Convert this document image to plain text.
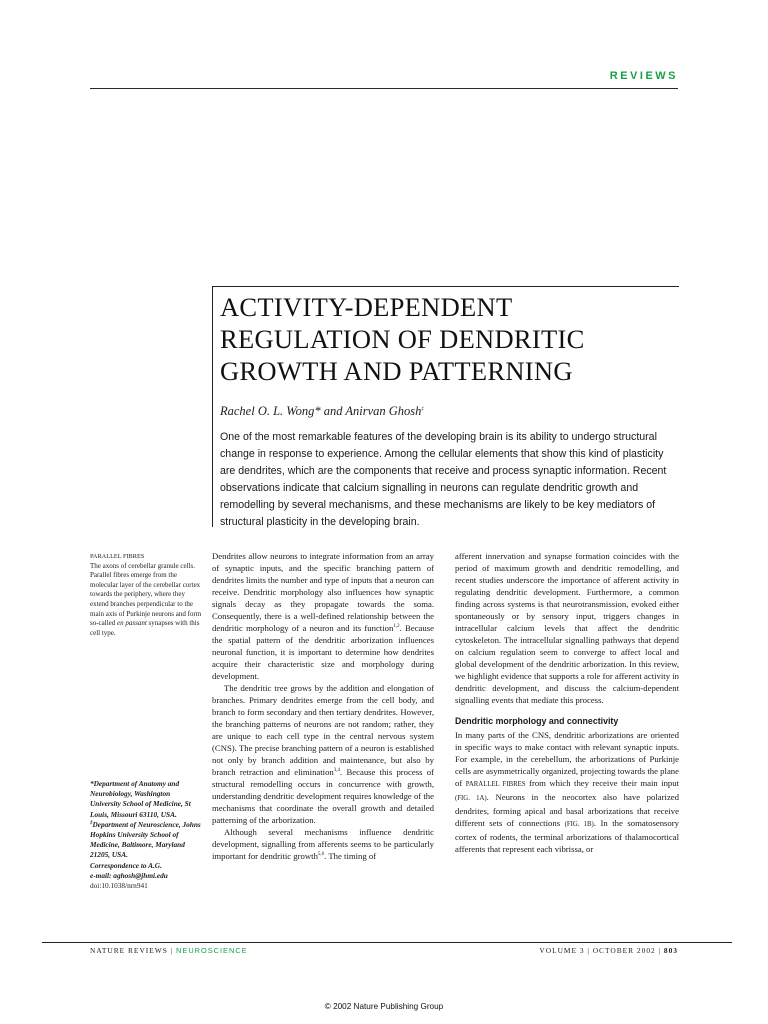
REVIEWS
ACTIVITY-DEPENDENT
REGULATION OF DENDRITIC
GROWTH AND PATTERNING
Rachel O. L. Wong* and Anirvan Ghosh‡
One of the most remarkable features of the developing brain is its ability to undergo structural change in response to experience. Among the cellular elements that show this kind of plasticity are dendrites, which are the components that receive and process synaptic information. Recent observations indicate that calcium signalling in neurons can regulate dendritic growth and remodelling by several mechanisms, and these mechanisms are likely to be key mediators of structural plasticity in the developing brain.
PARALLEL FIBRES
The axons of cerebellar granule cells. Parallel fibres emerge from the molecular layer of the cerebellar cortex towards the periphery, where they extend branches perpendicular to the main axis of Purkinje neurons and form so-called en passant synapses with this cell type.
*Department of Anatomy and Neurobiology, Washington University School of Medicine, St Louis, Missouri 63110, USA.
‡Department of Neuroscience, Johns Hopkins University School of Medicine, Baltimore, Maryland 21205, USA.
Correspondence to A.G.
e-mail: aghosh@jhmi.edu
doi:10.1038/nrn941

Dendrites allow neurons to integrate information from an array of synaptic inputs, and the specific branching pattern of dendrites limits the number and type of inputs that a neuron can receive. Dendritic morphology also influences how synaptic signals decay as they propagate towards the soma. Consequently, there is a well-defined relationship between the dendritic morphology of a neuron and its function$^{1,2}$. Because the spatial pattern of the dendritic arborization influences neuronal function, it is important to determine how dendrites acquire their characteristic size and morphology during development.

The dendritic tree grows by the addition and elongation of branches. Primary dendrites emerge from the cell body, and branch to form secondary and then tertiary dendrites. However, the branching patterns of neurons are not random; rather, they are unique to each cell type in the central nervous system (CNS). The precise branching pattern of a neuron is established not only by branch addition and maintenance, but also by branch retraction and elimination$^{3,4}$. Because this process of structural remodelling occurs in concurrence with growth, understanding dendritic development requires knowledge of the mechanisms that coordinate the overall growth and detailed patterning of the arborization.

Although several mechanisms influence dendritic development, signalling from afferents seems to be particularly important for dendritic growth$^{5,6}$. The timing of

afferent innervation and synapse formation coincides with the period of maximum growth and dendritic remodelling, and recent studies underscore the importance of afferent activity in regulating dendritic development. Furthermore, a common finding across systems is that neurotransmission, evoked either spontaneously or by sensory input, triggers changes in intracellular calcium levels that affect the dendritic cytoskeleton. The intracellular signalling pathways that depend on calcium regulation seem to converge to affect local and global development of the dendritic arborization. In this review, we highlight evidence that supports a role for afferent activity in dendritic development, and discuss the calcium-dependent signalling events that mediate this process.

Dendritic morphology and connectivity

In many parts of the CNS, dendritic arborizations are oriented in specific ways to make contact with relevant synaptic inputs. For example, in the cerebellum, the arborizations of Purkinje cells are asymmetrically organized, projecting towards the plane of PARALLEL FIBRES from which they receive their main input (FIG. 1A). Neurons in the neocortex also have polarized dendrites, forming apical and basal arborizations that receive different sets of connections (FIG. 1B). In the somatosensory cortex of rodents, the terminal arborizations of thalamocortical afferents that represent each vibrissa, or

NATURE REVIEWS | NEUROSCIENCE	VOLUME 3 | OCTOBER 2002 | 803
© 2002 Nature Publishing Group
